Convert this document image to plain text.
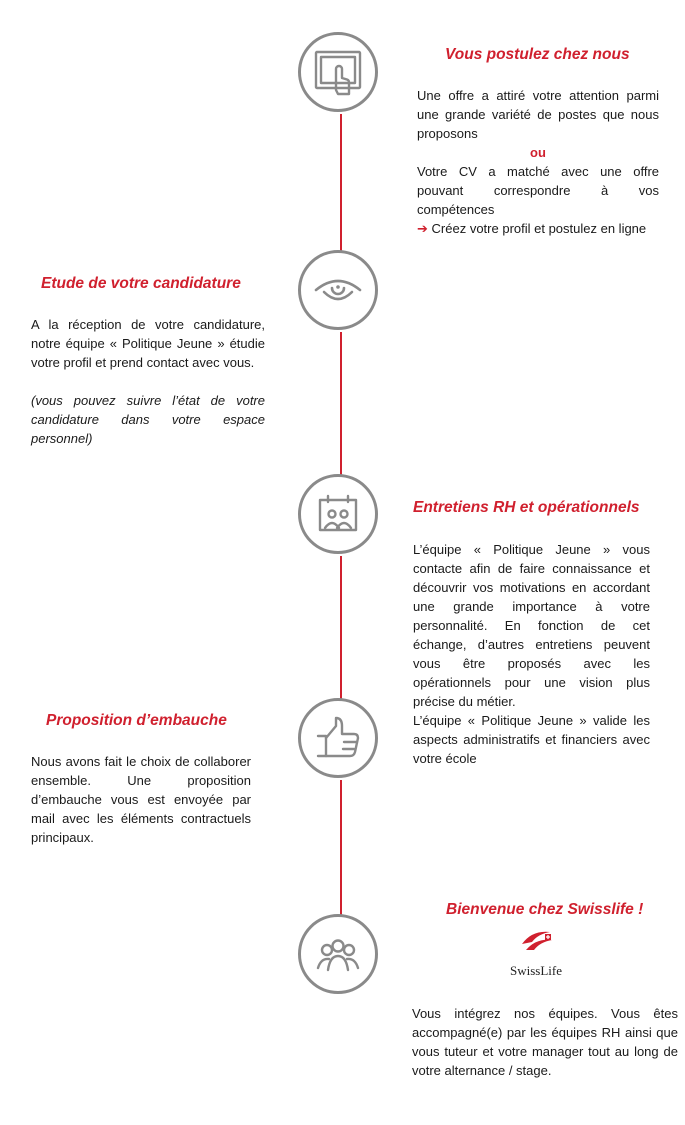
Vous postulez chez nous

Une offre a attiré votre attention parmi une grande variété de postes que nous proposons

ou

Votre CV a matché avec une offre pouvant correspondre à vos compétences

➔ Créez votre profil et postulez en ligne

Etude de votre candidature

A la réception de votre candidature, notre équipe « Politique Jeune » étudie votre profil et prend contact avec vous.

(vous pouvez suivre l’état de votre candidature dans votre espace personnel)

Entretiens RH et opérationnels

L’équipe « Politique Jeune » vous contacte afin de faire connaissance et découvrir vos motivations en accordant une grande importance à votre personnalité. En fonction de cet échange, d’autres entretiens peuvent vous être proposés avec les opérationnels pour une vision plus précise du métier.

L’équipe « Politique Jeune » valide les aspects administratifs et financiers avec votre école

Proposition d’embauche

Nous avons fait le choix de collaborer ensemble. Une proposition d’embauche vous est envoyée par mail avec les éléments contractuels principaux.

Bienvenue chez Swisslife !
SwissLife

Vous intégrez nos équipes. Vous êtes accompagné(e) par les équipes RH ainsi que vous tuteur et votre manager tout au long de votre alternance / stage.
